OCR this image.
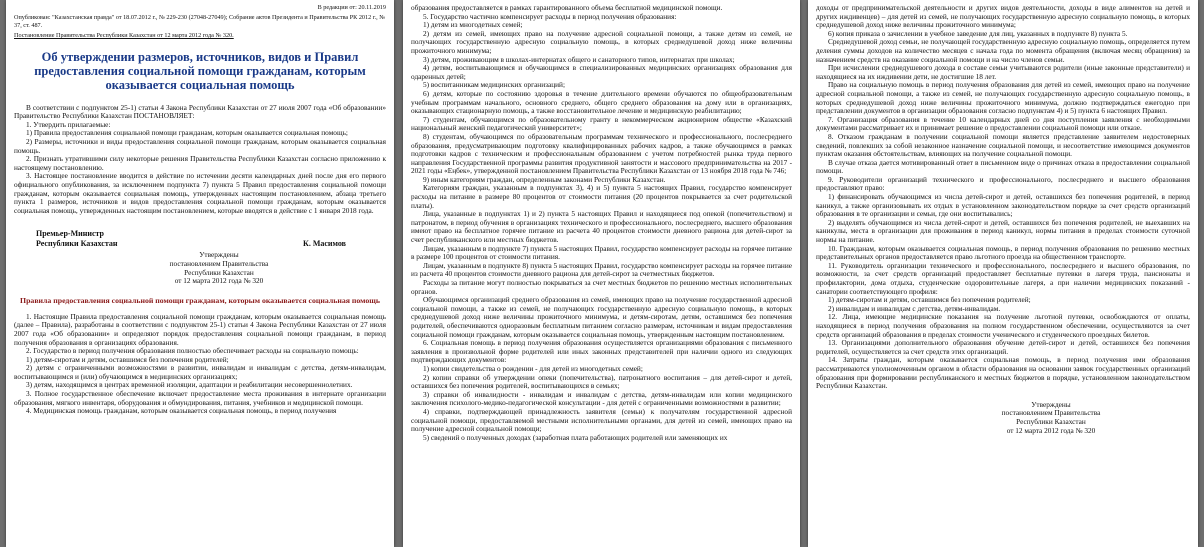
В редакции от: 20.11.2019

Опубликован: "Казахстанская правда" от 18.07.2012 г., № 229-230 (27048-27049); Собрание актов Президента и Правительства РК 2012 г., № 37, ст. 487.

Постановление Правительства Республики Казахстан от 12 марта 2012 года № 320.

Об утверждении размеров, источников, видов и Правил предоставления социальной помощи гражданам, которым оказывается социальная помощь

В соответствии с подпунктом 25-1) статьи 4 Закона Республики Казахстан от 27 июля 2007 года «Об образовании» Правительство Республики Казахстан ПОСТАНОВЛЯЕТ:

1. Утвердить прилагаемые:

1) Правила предоставления социальной помощи гражданам, которым оказывается социальная помощь;

2) Размеры, источники и виды предоставления социальной помощи гражданам, которым оказывается социальная помощь.

2. Признать утратившими силу некоторые решения Правительства Республики Казахстан согласно приложению к настоящему постановлению.

3. Настоящее постановление вводится в действие по истечении десяти календарных дней после дня его первого официального опубликования, за исключением подпункта 7) пункта 5 Правил предоставления социальной помощи гражданам, которым оказывается социальная помощь, утвержденных настоящим постановлением, абзаца третьего пункта 1 размеров, источников и видов предоставления социальной помощи гражданам, которым оказывается социальная помощь, утвержденных настоящим постановлением, которые вводятся в действие с 1 января 2018 года.

Премьер-Министр
Республики Казахстан	К. Масимов
Утверждены
постановлением Правительства
Республики Казахстан
от 12 марта 2012 года № 320
Правила предоставления социальной помощи гражданам, которым оказывается социальная помощь

1. Настоящие Правила предоставления социальной помощи гражданам, которым оказывается социальная помощь (далее – Правила), разработаны в соответствии с подпунктом 25-1) статьи 4 Закона Республики Казахстан от 27 июля 2007 года «Об образовании» и определяют порядок предоставления социальной помощи гражданам, в период получения образования в организациях образования.

2. Государство в период получения образования полностью обеспечивает расходы на социальную помощь:

1) детям-сиротам и детям, оставшимся без попечения родителей;

2) детям с ограниченными возможностями в развитии, инвалидам и инвалидам с детства, детям-инвалидам, воспитывающимся и (или) обучающимся в медицинских организациях;

3) детям, находящимся в центрах временной изоляции, адаптации и реабилитации несовершеннолетних.

3. Полное государственное обеспечение включает предоставление места проживания в интернате организации образования, мягкого инвентаря, оборудования и обмундирования, питания, учебников и медицинской помощи.

4. Медицинская помощь гражданам, которым оказывается социальная помощь, в период получения

образования предоставляется в рамках гарантированного объема бесплатной медицинской помощи.

5. Государство частично компенсирует расходы в период получения образования:

1) детям из многодетных семей;

2) детям из семей, имеющих право на получение адресной социальной помощи, а также детям из семей, не получающих государственную адресную социальную помощь, в которых среднедушевой доход ниже величины прожиточного минимума;

3) детям, проживающим в школах-интернатах общего и санаторного типов, интернатах при школах;

4) детям, воспитывающимся и обучающимся в специализированных медицинских организациях образования для одаренных детей;

5) воспитанникам медицинских организаций;

6) детям, которые по состоянию здоровья в течение длительного времени обучаются по общеобразовательным учебным программам начального, основного среднего, общего среднего образования на дому или в организациях, оказывающих стационарную помощь, а также восстановительное лечение и медицинскую реабилитацию;

7) студентам, обучающимся по образовательному гранту в некоммерческом акционерном обществе «Казахский национальный женский педагогический университет»;

8) студентам, обучающимся по образовательным программам технического и профессионального, послесреднего образования, предусматривающим подготовку квалифицированных рабочих кадров, а также обучающимся в рамках подготовки кадров с техническим и профессиональным образованием с учетом потребностей рынка труда первого направления Государственной программы развития продуктивной занятости и массового предпринимательства на 2017 - 2021 годы «Еңбек», утвержденной постановлением Правительства Республики Казахстан от 13 ноября 2018 года № 746;

9) иным категориям граждан, определенным законами Республики Казахстан.

Категориям граждан, указанным в подпунктах 3), 4) и 5) пункта 5 настоящих Правил, государство компенсирует расходы на питание в размере 80 процентов от стоимости питания (20 процентов покрывается за счет родительской платы).

Лица, указанные в подпунктах 1) и 2) пункта 5 настоящих Правил и находящиеся под опекой (попечительством) и патронатом, в период обучения в организациях технического и профессионального, послесреднего, высшего образования имеют право на бесплатное горячее питание из расчета 40 процентов стоимости дневного рациона для детей-сирот за счет республиканского или местных бюджетов.

Лицам, указанным в подпункте 7) пункта 5 настоящих Правил, государство компенсирует расходы на горячее питание в размере 100 процентов от стоимости питания.

Лицам, указанным в подпункте 8) пункта 5 настоящих Правил, государство компенсирует расходы на горячее питание из расчета 40 процентов стоимости дневного рациона для детей-сирот за счетместных бюджетов.

Расходы за питание могут полностью покрываться за счет местных бюджетов по решению местных исполнительных органов.

Обучающимся организаций среднего образования из семей, имеющих право на получение государственной адресной социальной помощи, а также из семей, не получающих государственную адресную социальную помощь, в которых среднедушевой доход ниже величины прожиточного минимума, и детям-сиротам, детям, оставшимся без попечения родителей, обеспечиваются одноразовым бесплатным питанием согласно размерам, источникам и видам предоставления социальной помощи гражданам, которым оказывается социальная помощь, утвержденным настоящим постановлением.

6. Социальная помощь в период получения образования осуществляется организациями образования с письменного заявления в произвольной форме родителей или иных законных представителей при наличии одного из следующих подтверждающих документов:

1) копии свидетельства о рождении - для детей из многодетных семей;

2) копии справки об утверждении опеки (попечительства), патронатного воспитания – для детей-сирот и детей, оставшихся без попечения родителей, воспитывающихся в семьях;

3) справки об инвалидности - инвалидам и инвалидам с детства, детям-инвалидам или копии медицинского заключения психолого-медико-педагогической консультации - для детей с ограниченными возможностями в развитии;

4) справки, подтверждающей принадлежность заявителя (семьи) к получателям государственной адресной социальной помощи, предоставляемой местными исполнительными органами, для детей из семей, имеющих право на получение адресной социальной помощи;

5) сведений о полученных доходах (заработная плата работающих родителей или заменяющих их

доходы от предпринимательской деятельности и других видов деятельности, доходы в виде алиментов на детей и других иждивенцев) – для детей из семей, не получающих государственную адресную социальную помощь, в которых среднедушевой доход ниже величины прожиточного минимума;

6) копия приказа о зачислении в учебное заведение для лиц, указанных в подпункте 8) пункта 5.

Среднедушевой доход семьи, не получающей государственную адресную социальную помощь, определяется путем деления суммы доходов на количество месяцев с начала года по момента обращения (включая месяц обращения) за назначением средств на оказание социальной помощи и на число членов семьи.

При исчислении среднедушевого дохода в составе семьи учитываются родители (иные законные представители) и находящиеся на их иждивении дети, не достигшие 18 лет.

Право на социальную помощь в период получения образования для детей из семей, имеющих право на получение адресной социальной помощи, а также из семей, не получающих государственную адресную социальную помощь, в которых среднедушевой доход ниже величины прожиточного минимума, должно подтверждаться ежегодно при представлении документов в организации образования согласно подпунктам 4) и 5) пункта 6 настоящих Правил.

7. Организация образования в течение 10 календарных дней со дня поступления заявления с необходимыми документами рассматривает их и принимает решение о предоставлении социальной помощи или отказе.

8. Отказом гражданам в получении социальной помощи является представление заявителем недостоверных сведений, повлекших за собой незаконное назначение социальной помощи, и несоответствие имеющимся документов пунктам оказания обстоятельствам, влияющих на получение социальной помощи.

В случае отказа дается мотивированный ответ в письменном виде о причинах отказа в предоставлении социальной помощи.

9. Руководители организаций технического и профессионального, послесреднего и высшего образования предоставляют право:

1) финансировать обучающимся из числа детей-сирот и детей, оставшихся без попечения родителей, в период каникул, а также организовывать их отдых в установленном законодательством порядке за счет средств организаций образования в те организации и семьи, где они воспитывались;

2) выделять обучающимся из числа детей-сирот и детей, оставшихся без попечения родителей, не выехавших на каникулы, места в организации для проживания в период каникул, нормы питания в пределах стоимости суточной нормы на питание.

10. Гражданам, которым оказывается социальная помощь, в период получения образования по решению местных представительных органов предоставляется право льготного проезда на общественном транспорте.

11. Руководитель организации технического и профессионального, послесреднего и высшего образования, по возможности, за счет средств организаций предоставляет бесплатные путевки в лагеря труда, пансионаты и профилактории, дома отдыха, студенческие оздоровительные лагеря, а при наличии медицинских показаний - санатории соответствующего профиля:

1) детям-сиротам и детям, оставшимся без попечения родителей;

2) инвалидам и инвалидам с детства, детям-инвалидам.

12. Лица, имеющие медицинские показания на получение льготной путевки, освобождаются от оплаты, находящиеся в период получения образования на полном государственном обеспечении, осуществляются за счет средств организаций образования в пределах стоимости ученического и студенческого проездных билетов.

13. Организациями дополнительного образования обучение детей-сирот и детей, оставшихся без попечения родителей, осуществляется за счет средств этих организаций.

14. Затраты граждан, которым оказывается социальная помощь, в период получения ими образования рассматриваются уполномоченным органом в области образования на основании заявок государственных организаций образования при формировании республиканского и местных бюджетов в порядке, установленном законодательством Республики Казахстан.

Утверждены
постановлением Правительства
Республики Казахстан
от 12 марта 2012 года № 320
